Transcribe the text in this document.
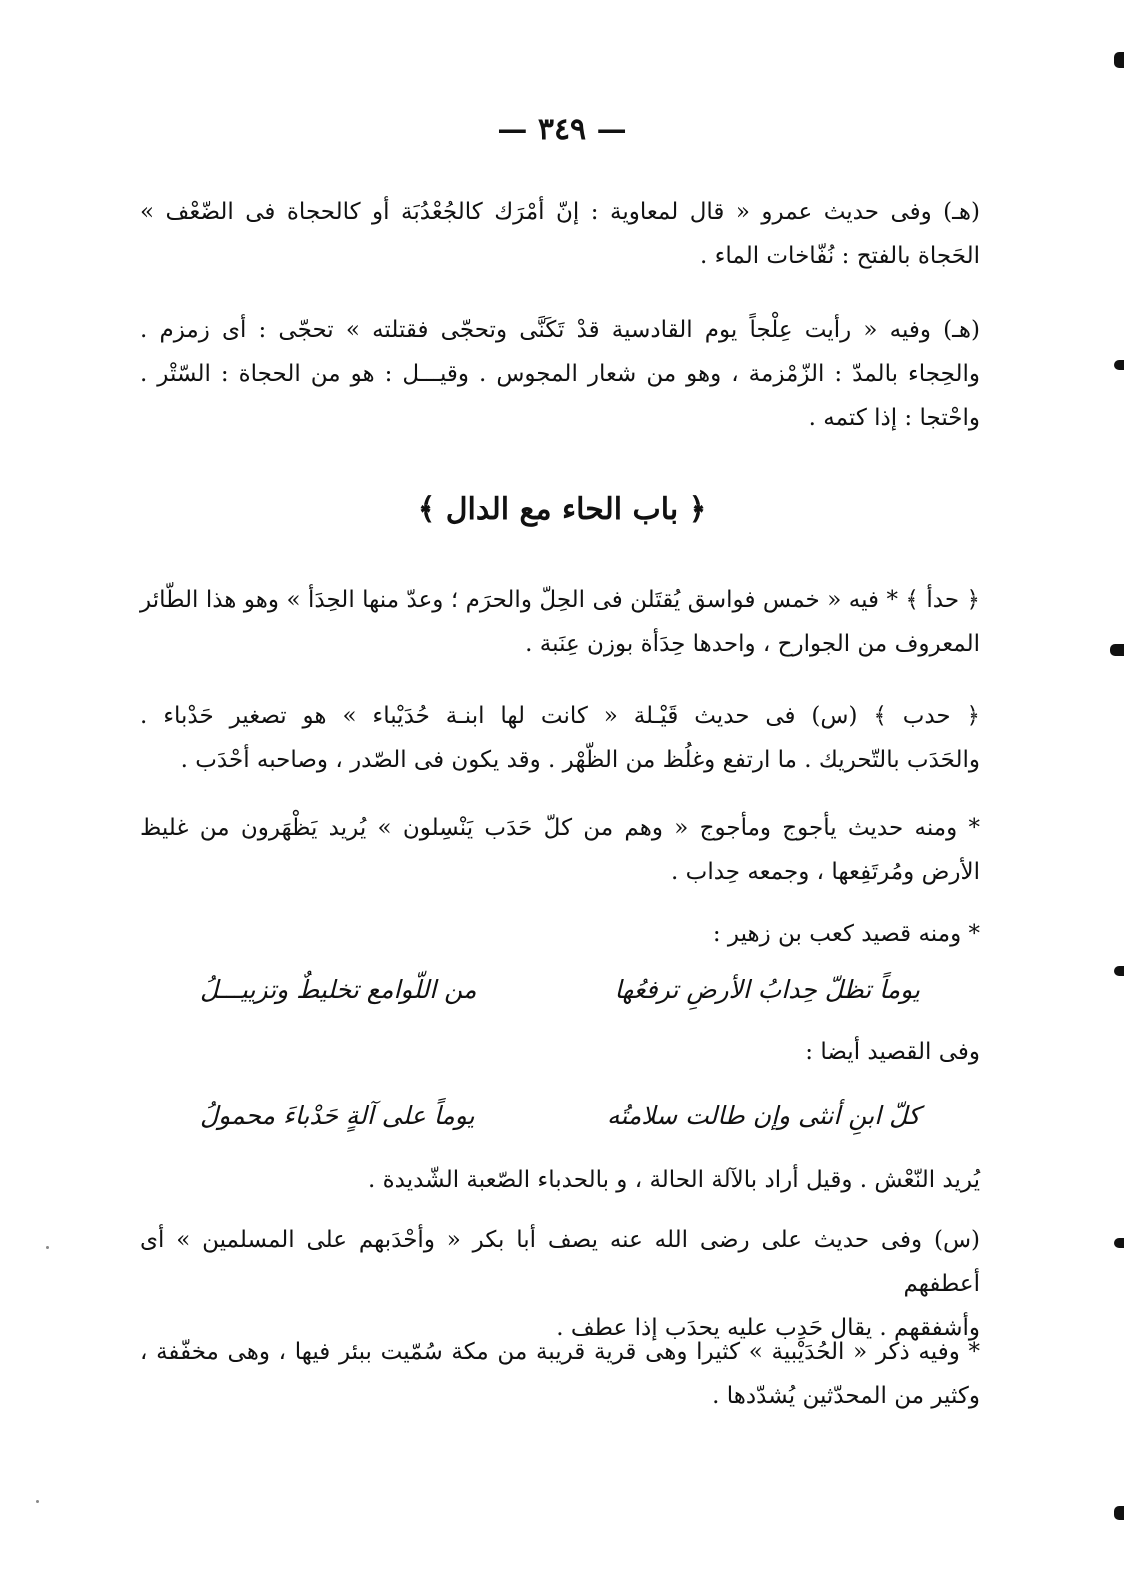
— ٣٤٩ —
(هـ) وفى حديث عمرو « قال لمعاوية : إنّ أمْرَك كالجُعْدُبَة أو كالحجاة فى الضّعْف »
الحَجاة بالفتح : نُفّاخات الماء .
(هـ) وفيه « رأيت عِلْجاً يوم القادسية قدْ تَكَنَّى وتحجّى فقتلته » تحجّى : أى زمزم .
والحِجاء بالمدّ : الزّمْزمة ، وهو من شعار المجوس . وقيـــل : هو من الحجاة : السّتْر .
واحْتجا : إذا كتمه .
﴿ باب الحاء مع الدال ﴾
﴿ حدأ ﴾ * فيه « خمس فواسق يُقتَلن فى الحِلّ والحرَم ؛ وعدّ منها الحِدَأ » وهو هذا الطّائر
المعروف من الجوارح ، واحدها حِدَأة بوزن عِنَبة .
﴿ حدب ﴾ (س) فى حديث قَيْـلة « كانت لها ابنـة حُدَيْباء » هو تصغير حَدْباء .
والحَدَب بالتّحريك . ما ارتفع وغلُظ من الظّهْر . وقد يكون فى الصّدر ، وصاحبه أحْدَب .
* ومنه حديث يأجوج ومأجوج « وهم من كلّ حَدَب يَنْسِلون » يُريد يَظْهَرون من غليظ
الأرض ومُرتَفِعها ، وجمعه حِداب .
* ومنه قصيد كعب بن زهير :
يوماً تظلّ حِدابُ الأرضِ ترفعُها
من اللّوامع تخليطٌ وتزييـــلُ
وفى القصيد أيضا :
كلّ ابنِ أنثى وإن طالت سلامتُه
يوماً على آلةٍ حَدْباءَ محمولُ
يُريد النّعْش . وقيل أراد بالآلة الحالة ، و بالحدباء الصّعبة الشّديدة .
(س) وفى حديث على رضى الله عنه يصف أبا بكر « وأحْدَبهم على المسلمين » أى أعطفهم
وأشفقهم . يقال حَدِب عليه يحدَب إذا عطف .
* وفيه ذكر « الحُدَيْبية » كثيرا وهى قرية قريبة من مكة سُمّيت ببئر فيها ، وهى مخفّفة ،
وكثير من المحدّثين يُشدّدها .
